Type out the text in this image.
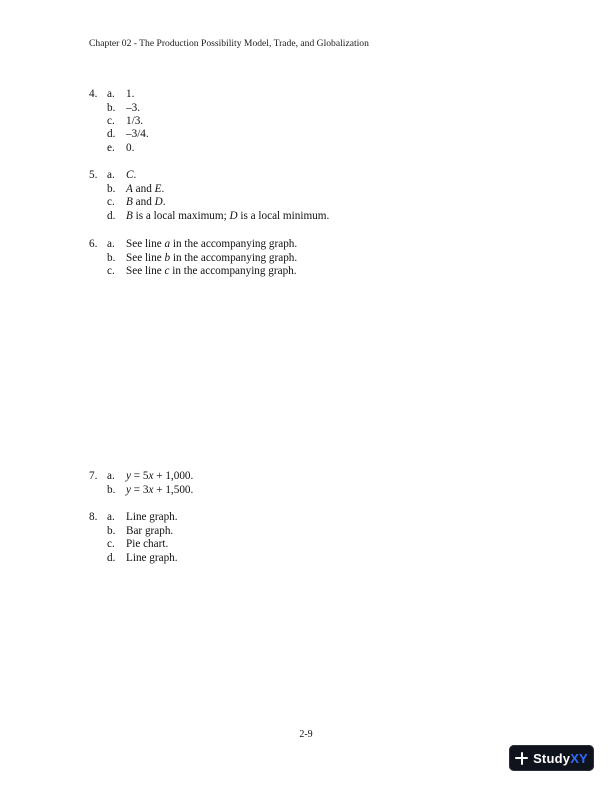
Chapter 02 - The Production Possibility Model, Trade, and Globalization
4. a. 1.
b. –3.
c. 1/3.
d. –3/4.
e. 0.
5. a. C.
b. A and E.
c. B and D.
d. B is a local maximum; D is a local minimum.
6. a. See line a in the accompanying graph.
b. See line b in the accompanying graph.
c. See line c in the accompanying graph.
7. a. y = 5x + 1,000.
b. y = 3x + 1,500.
8. a. Line graph.
b. Bar graph.
c. Pie chart.
d. Line graph.
2-9
StudyXY
